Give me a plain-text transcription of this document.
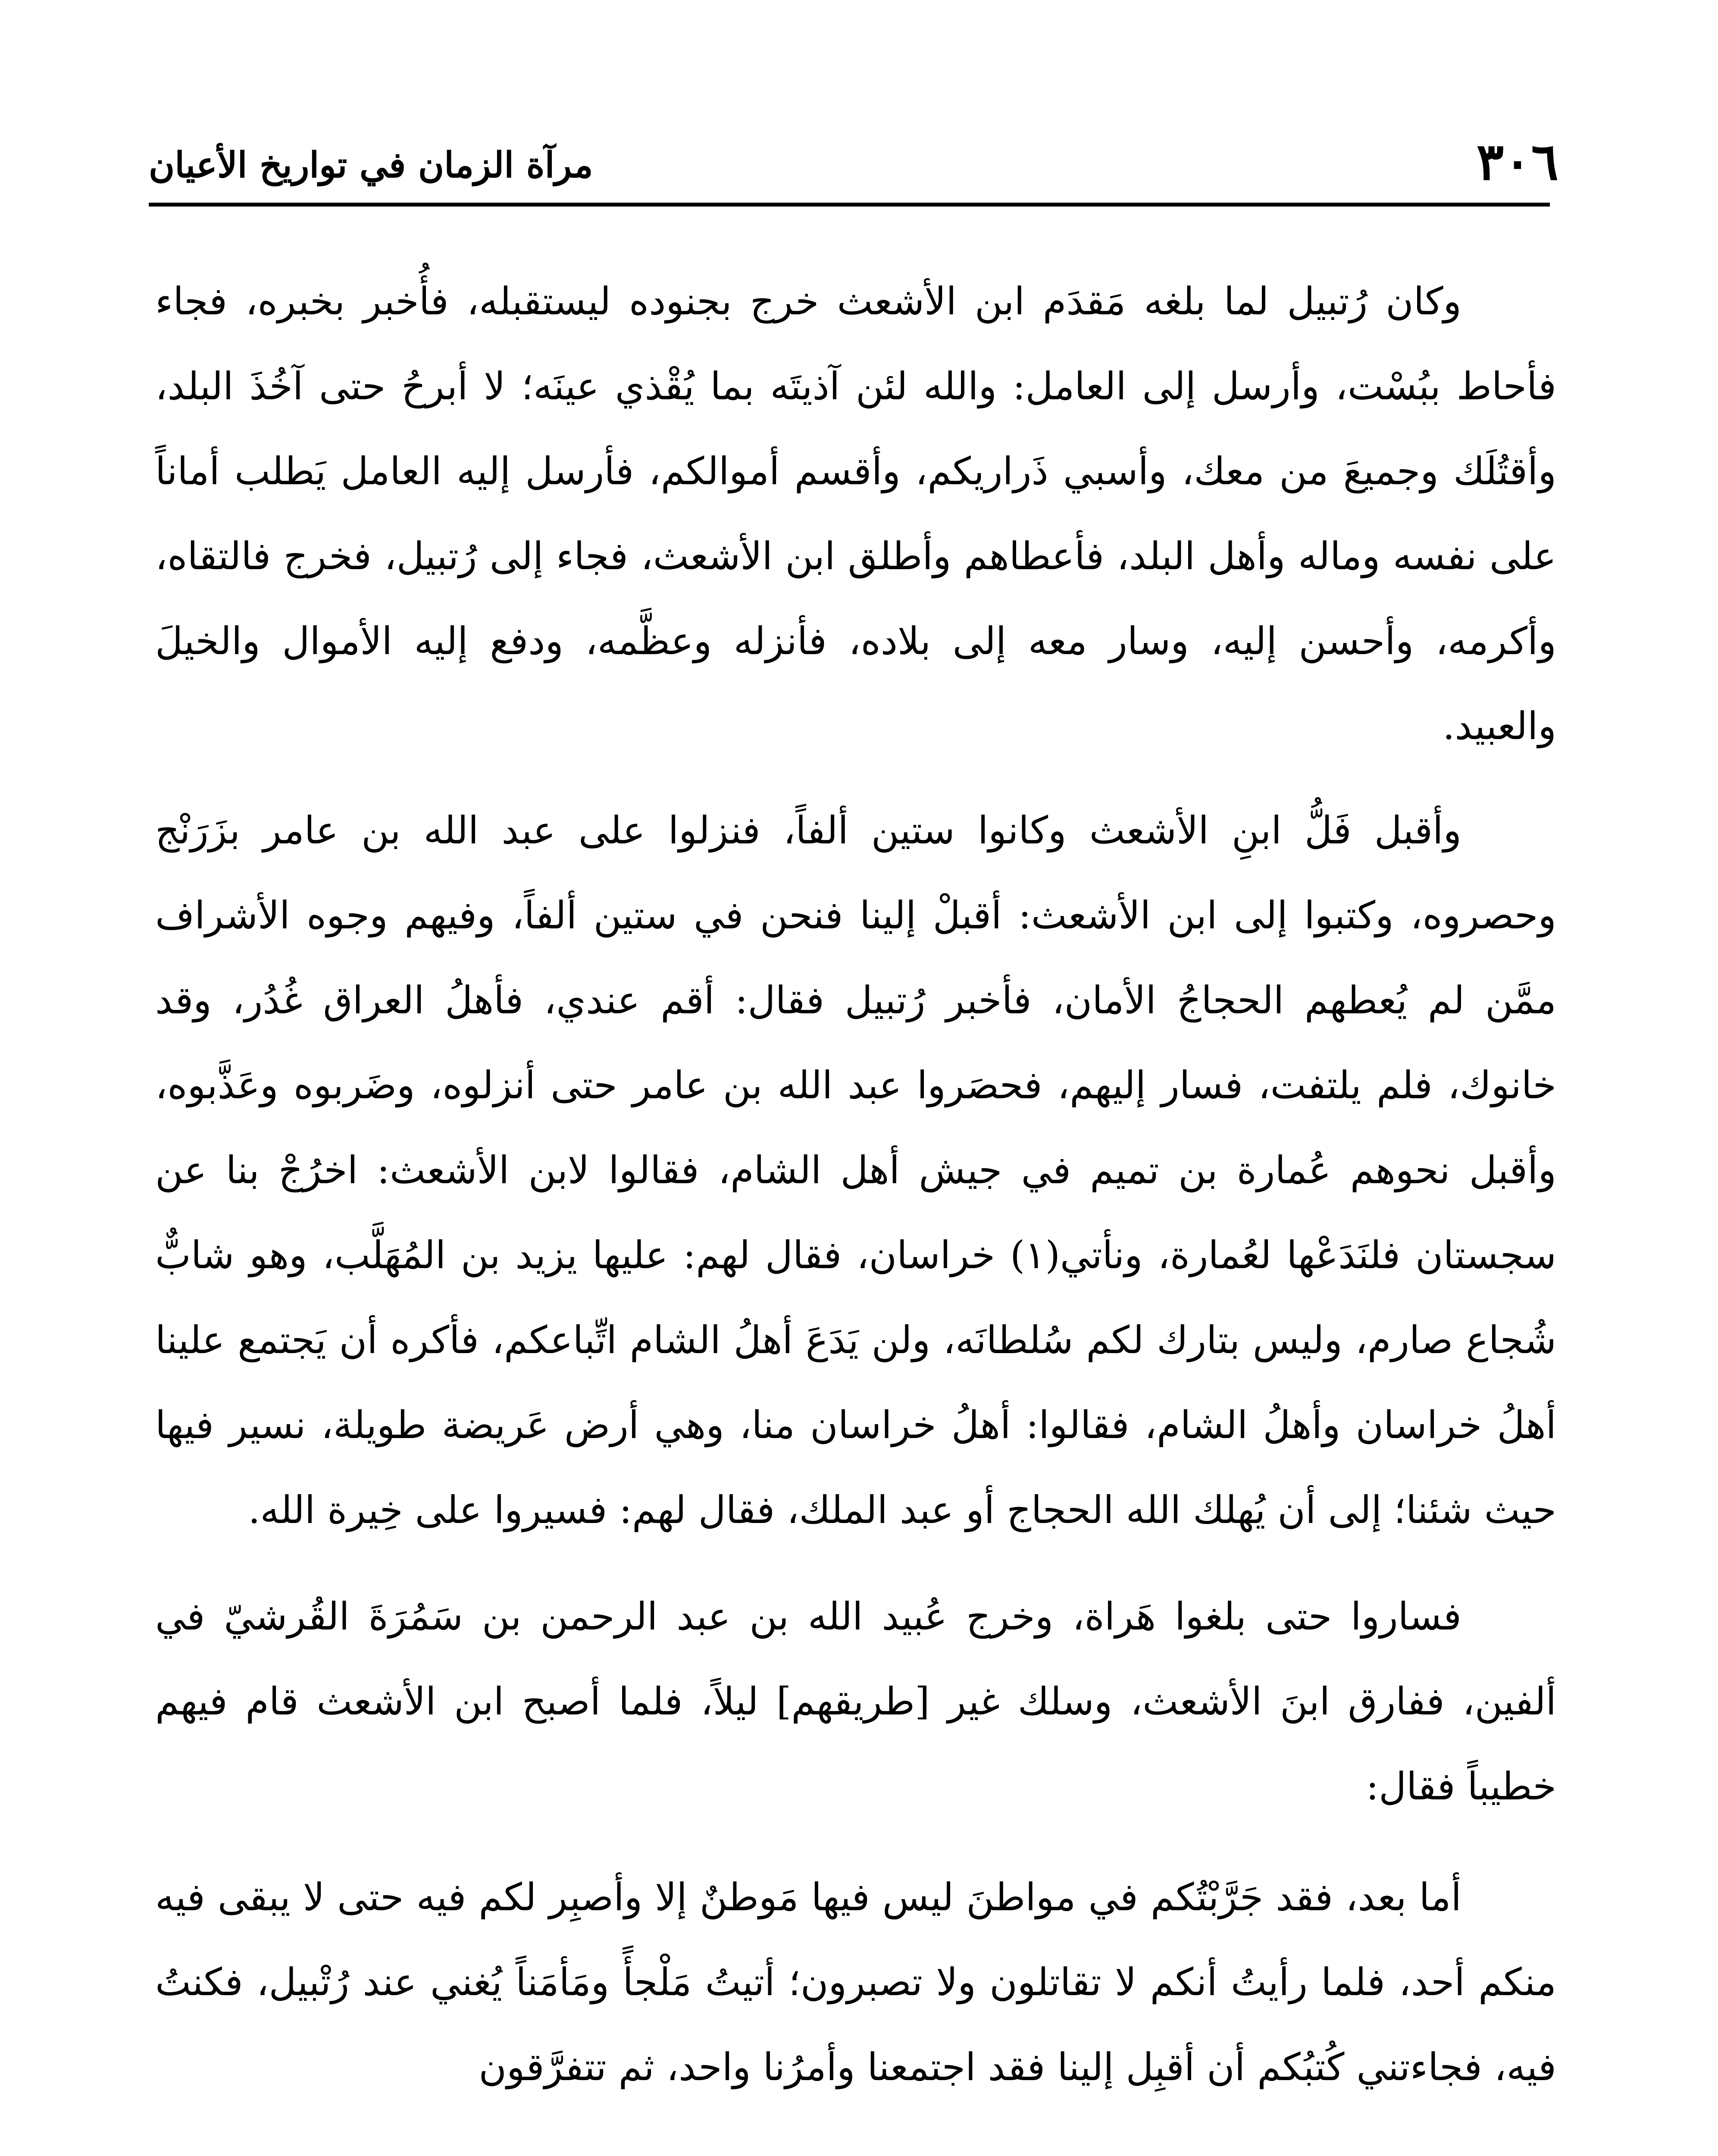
٣٠٦
مرآة الزمان في تواريخ الأعيان

وكان رُتبيل لما بلغه مَقدَم ابن الأشعث خرج بجنوده ليستقبله، فأُخبر بخبره، فجاء فأحاط ببُسْت، وأرسل إلى العامل: والله لئن آذيتَه بما يُقْذي عينَه؛ لا أبرحُ حتى آخُذَ البلد، وأقتُلَك وجميعَ من معك، وأسبي ذَراريكم، وأقسم أموالكم، فأرسل إليه العامل يَطلب أماناً على نفسه وماله وأهل البلد، فأعطاهم وأطلق ابن الأشعث، فجاء إلى رُتبيل، فخرج فالتقاه، وأكرمه، وأحسن إليه، وسار معه إلى بلاده، فأنزله وعظَّمه، ودفع إليه الأموال والخيلَ والعبيد.

وأقبل فَلُّ ابنِ الأشعث وكانوا ستين ألفاً، فنزلوا على عبد الله بن عامر بزَرَنْج وحصروه، وكتبوا إلى ابن الأشعث: أقبلْ إلينا فنحن في ستين ألفاً، وفيهم وجوه الأشراف ممَّن لم يُعطهم الحجاجُ الأمان، فأخبر رُتبيل فقال: أقم عندي، فأهلُ العراق غُدُر، وقد خانوك، فلم يلتفت، فسار إليهم، فحصَروا عبد الله بن عامر حتى أنزلوه، وضَربوه وعَذَّبوه، وأقبل نحوهم عُمارة بن تميم في جيش أهل الشام، فقالوا لابن الأشعث: اخرُجْ بنا عن سجستان فلنَدَعْها لعُمارة، ونأتي(١) خراسان، فقال لهم: عليها يزيد بن المُهَلَّب، وهو شابٌّ شُجاع صارم، وليس بتارك لكم سُلطانَه، ولن يَدَعَ أهلُ الشام اتِّباعكم، فأكره أن يَجتمع علينا أهلُ خراسان وأهلُ الشام، فقالوا: أهلُ خراسان منا، وهي أرض عَريضة طويلة، نسير فيها حيث شئنا؛ إلى أن يُهلك الله الحجاج أو عبد الملك، فقال لهم: فسيروا على خِيرة الله.

فساروا حتى بلغوا هَراة، وخرج عُبيد الله بن عبد الرحمن بن سَمُرَةَ القُرشيّ في ألفين، ففارق ابنَ الأشعث، وسلك غير [طريقهم] ليلاً، فلما أصبح ابن الأشعث قام فيهم خطيباً فقال:

أما بعد، فقد جَرَّبْتُكم في مواطنَ ليس فيها مَوطنٌ إلا وأصبِر لكم فيه حتى لا يبقى فيه منكم أحد، فلما رأيتُ أنكم لا تقاتلون ولا تصبرون؛ أتيتُ مَلْجأً ومَأمَناً يُغني عند رُتْبيل، فكنتُ فيه، فجاءتني كُتبُكم أن أقبِل إلينا فقد اجتمعنا وأمرُنا واحد، ثم تتفرَّقون
